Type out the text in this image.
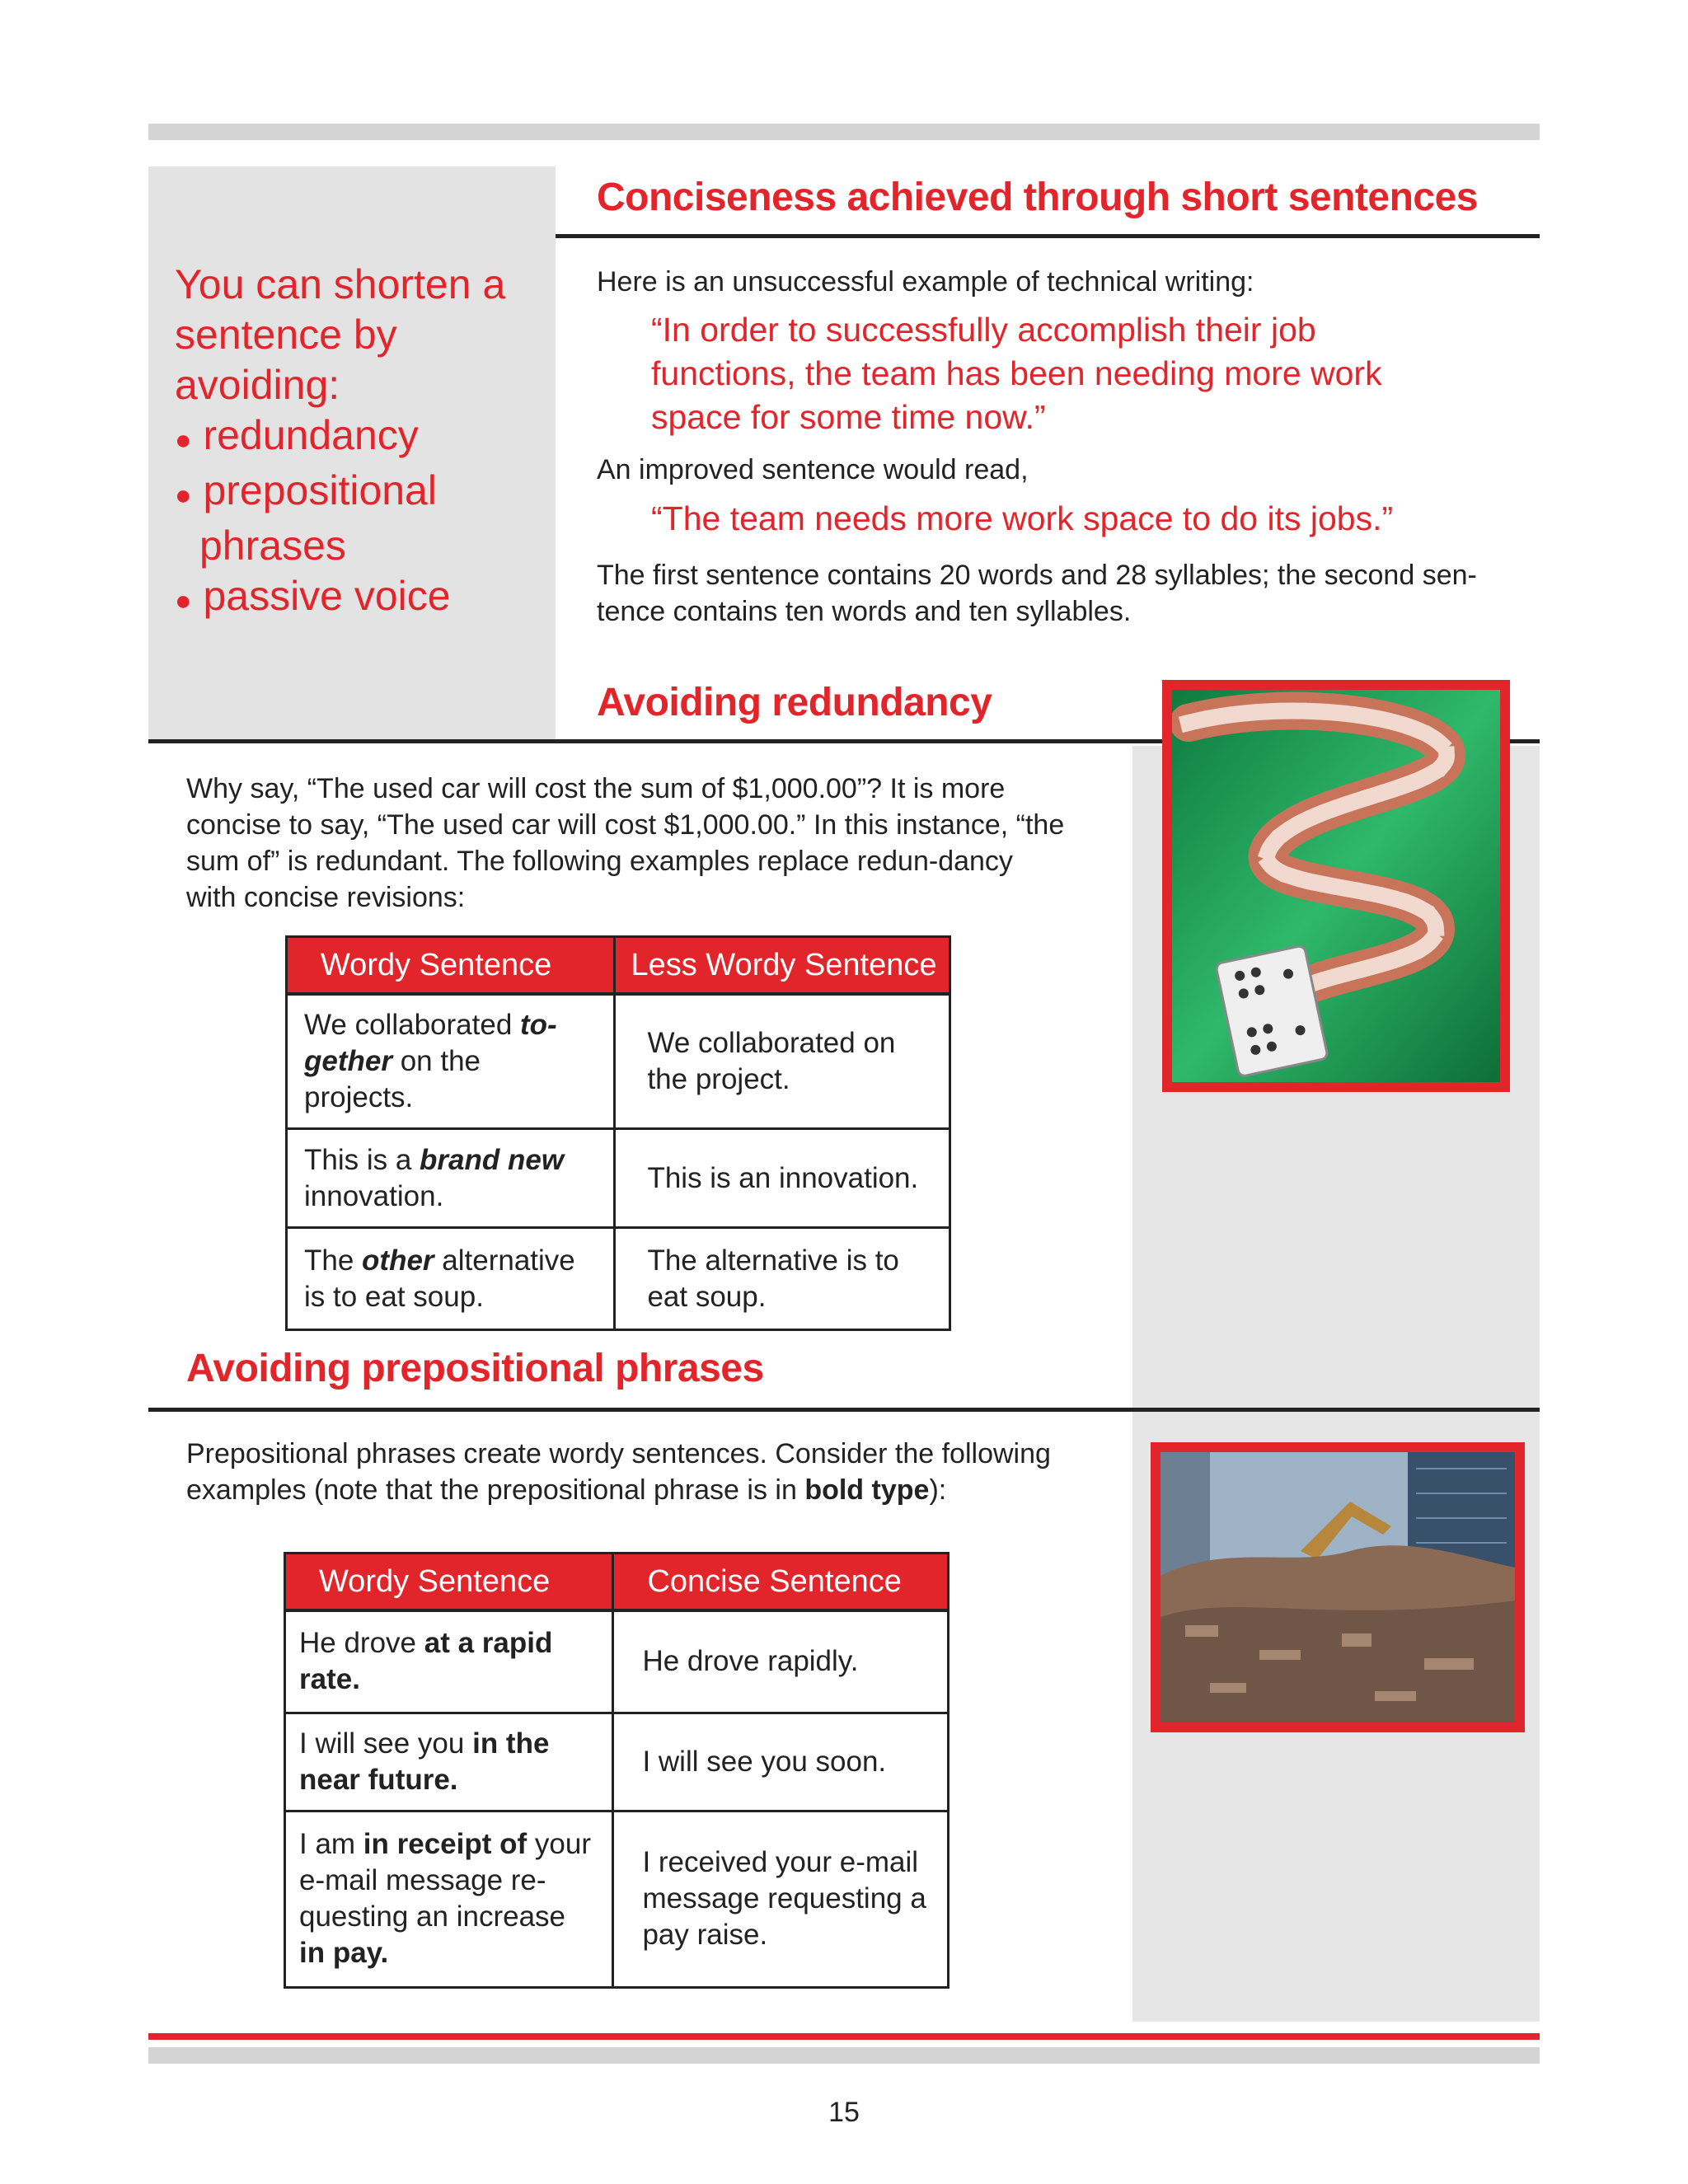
You can shorten a sentence by avoiding:
● redundancy
● prepositional phrases
● passive voice
Conciseness achieved through short sentences
Here is an unsuccessful example of technical writing:
“In order to successfully accomplish their job functions, the team has been needing more work space for some time now.”
An improved sentence would read,
“The team needs more work space to do its jobs.”
The first sentence contains 20 words and 28 syllables; the second sen-tence contains ten words and ten syllables.
Avoiding redundancy
Why say, “The used car will cost the sum of $1,000.00”? It is more concise to say, “The used car will cost $1,000.00.” In this instance, “the sum of” is redundant. The following examples replace redun-dancy with concise revisions:
Wordy Sentence	Less Wordy Sentence
We collaborated to-gether on the projects.	We collaborated on the project.
This is a brand new innovation.	This is an innovation.
The other alternative is to eat soup.	The alternative is to eat soup.
Avoiding prepositional phrases
Prepositional phrases create wordy sentences. Consider the following examples (note that the prepositional phrase is in bold type):
Wordy Sentence	Concise Sentence
He drove at a rapid rate.	He drove rapidly.
I will see you in the near future.	I will see you soon.
I am in receipt of your e-mail message re-questing an increase in pay.	I received your e-mail message requesting a pay raise.
15
